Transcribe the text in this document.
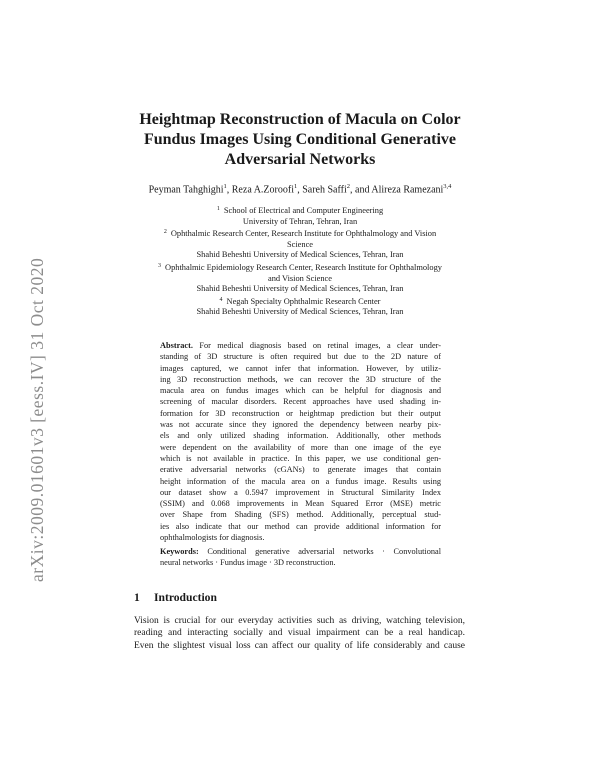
arXiv:2009.01601v3 [eess.IV] 31 Oct 2020
Heightmap Reconstruction of Macula on Color
Fundus Images Using Conditional Generative
Adversarial Networks
Peyman Tahghighi$^1$, Reza A.Zoroofi$^1$, Sareh Saffi$^2$, and Alireza Ramezani$^{3,4}$
$^1$ School of Electrical and Computer Engineering
University of Tehran, Tehran, Iran
$^2$ Ophthalmic Research Center, Research Institute for Ophthalmology and Vision
Science
Shahid Beheshti University of Medical Sciences, Tehran, Iran
$^3$ Ophthalmic Epidemiology Research Center, Research Institute for Ophthalmology
and Vision Science
Shahid Beheshti University of Medical Sciences, Tehran, Iran
$^4$ Negah Specialty Ophthalmic Research Center
Shahid Beheshti University of Medical Sciences, Tehran, Iran
Abstract. For medical diagnosis based on retinal images, a clear under-
standing of 3D structure is often required but due to the 2D nature of
images captured, we cannot infer that information. However, by utiliz-
ing 3D reconstruction methods, we can recover the 3D structure of the
macula area on fundus images which can be helpful for diagnosis and
screening of macular disorders. Recent approaches have used shading in-
formation for 3D reconstruction or heightmap prediction but their output
was not accurate since they ignored the dependency between nearby pix-
els and only utilized shading information. Additionally, other methods
were dependent on the availability of more than one image of the eye
which is not available in practice. In this paper, we use conditional gen-
erative adversarial networks (cGANs) to generate images that contain
height information of the macula area on a fundus image. Results using
our dataset show a 0.5947 improvement in Structural Similarity Index
(SSIM) and 0.068 improvements in Mean Squared Error (MSE) metric
over Shape from Shading (SFS) method. Additionally, perceptual stud-
ies also indicate that our method can provide additional information for
ophthalmologists for diagnosis.
Keywords: Conditional generative adversarial networks · Convolutional
neural networks · Fundus image · 3D reconstruction.
1 Introduction
Vision is crucial for our everyday activities such as driving, watching television,
reading and interacting socially and visual impairment can be a real handicap.
Even the slightest visual loss can affect our quality of life considerably and cause
